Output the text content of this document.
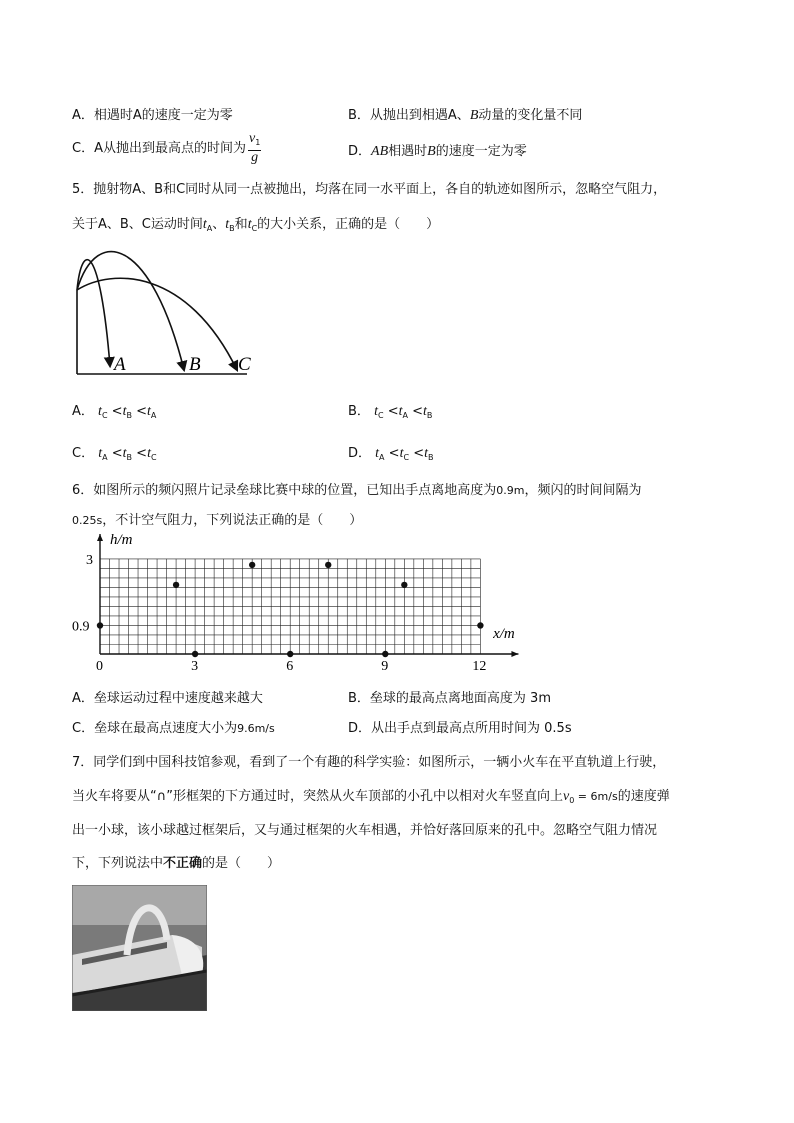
A．相遇时A的速度一定为零	B．从抛出到相遇A、B动量的变化量不同
C．A从抛出到最高点的时间为 $\frac{v_1}{g}$	D．AB相遇时B的速度一定为零
5．抛射物A、B和C同时从同一点被抛出，均落在同一水平面上，各自的轨迹如图所示，忽略空气阻力，
关于A、B、C运动时间$t_A$、$t_B$和$t_C$的大小关系，正确的是（　　）
A	B C
A． $t_C <t_B <t_A$	B． $t_C <t_A <t_B$
C． $t_A <t_B <t_C$	D． $t_A <t_C <t_B$
6．如图所示的频闪照片记录垒球比赛中球的位置，已知出手点离地高度为0.9m，频闪的时间间隔为
0.25s，不计空气阻力，下列说法正确的是（　　）
h/m
x/m
0	3	6	9	12
0.9
3
A．垒球运动过程中速度越来越大	B．垒球的最高点离地面高度为 3m
C．垒球在最高点速度大小为9.6m/s	D．从出手点到最高点所用时间为 0.5s
7．同学们到中国科技馆参观，看到了一个有趣的科学实验：如图所示，一辆小火车在平直轨道上行驶，
当火车将要从“∩”形框架的下方通过时，突然从火车顶部的小孔中以相对火车竖直向上$v_0 = 6m/s$的速度弹
出一小球，该小球越过框架后，又与通过框架的火车相遇，并恰好落回原来的孔中。忽略空气阻力情况
下，下列说法中不正确的是（　　）
